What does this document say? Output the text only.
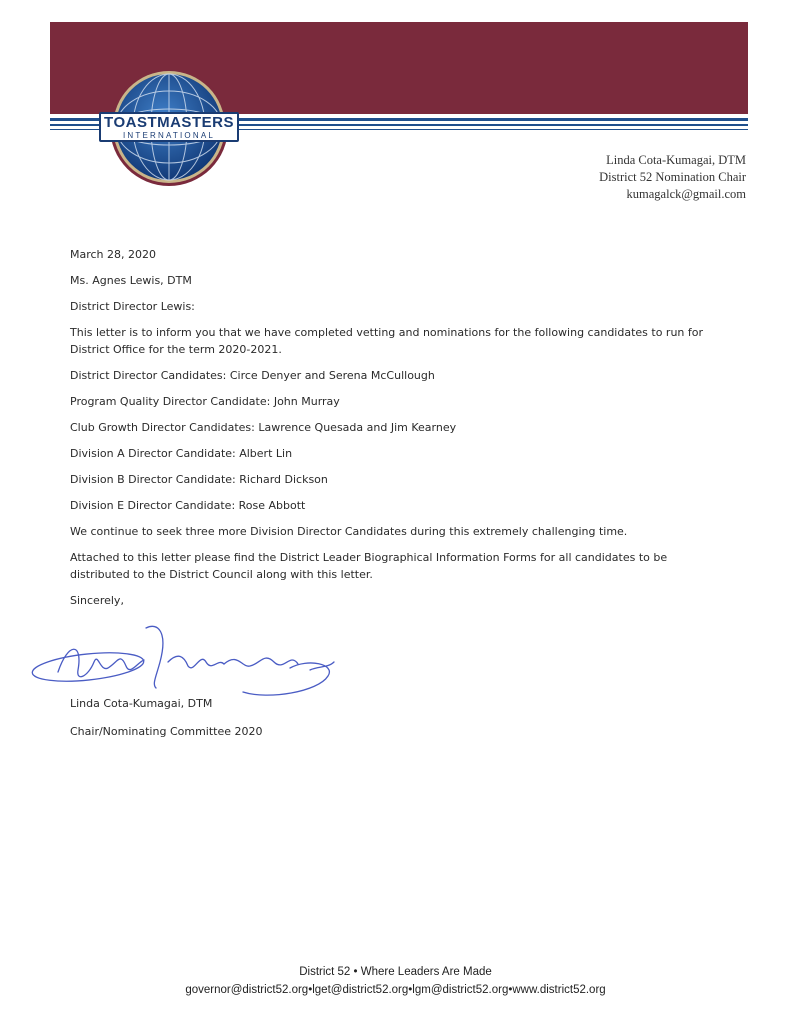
TOASTMASTERS
INTERNATIONAL
Linda Cota-Kumagai, DTM
District 52 Nomination Chair
kumagalck@gmail.com

March 28, 2020

Ms. Agnes Lewis, DTM

District Director Lewis:

This letter is to inform you that we have completed vetting and nominations for the following candidates to run for District Office for the term 2020-2021.

District Director Candidates: Circe Denyer and Serena McCullough

Program Quality Director Candidate: John Murray

Club Growth Director Candidates: Lawrence Quesada and Jim Kearney

Division A Director Candidate: Albert Lin

Division B Director Candidate: Richard Dickson

Division E Director Candidate: Rose Abbott

We continue to seek three more Division Director Candidates during this extremely challenging time.

Attached to this letter please find the District Leader Biographical Information Forms for all candidates to be distributed to the District Council along with this letter.

Sincerely,

Linda Cota-Kumagai, DTM
Chair/Nominating Committee 2020
District 52 • Where Leaders Are Made
governor@district52.org•lget@district52.org•lgm@district52.org•www.district52.org
